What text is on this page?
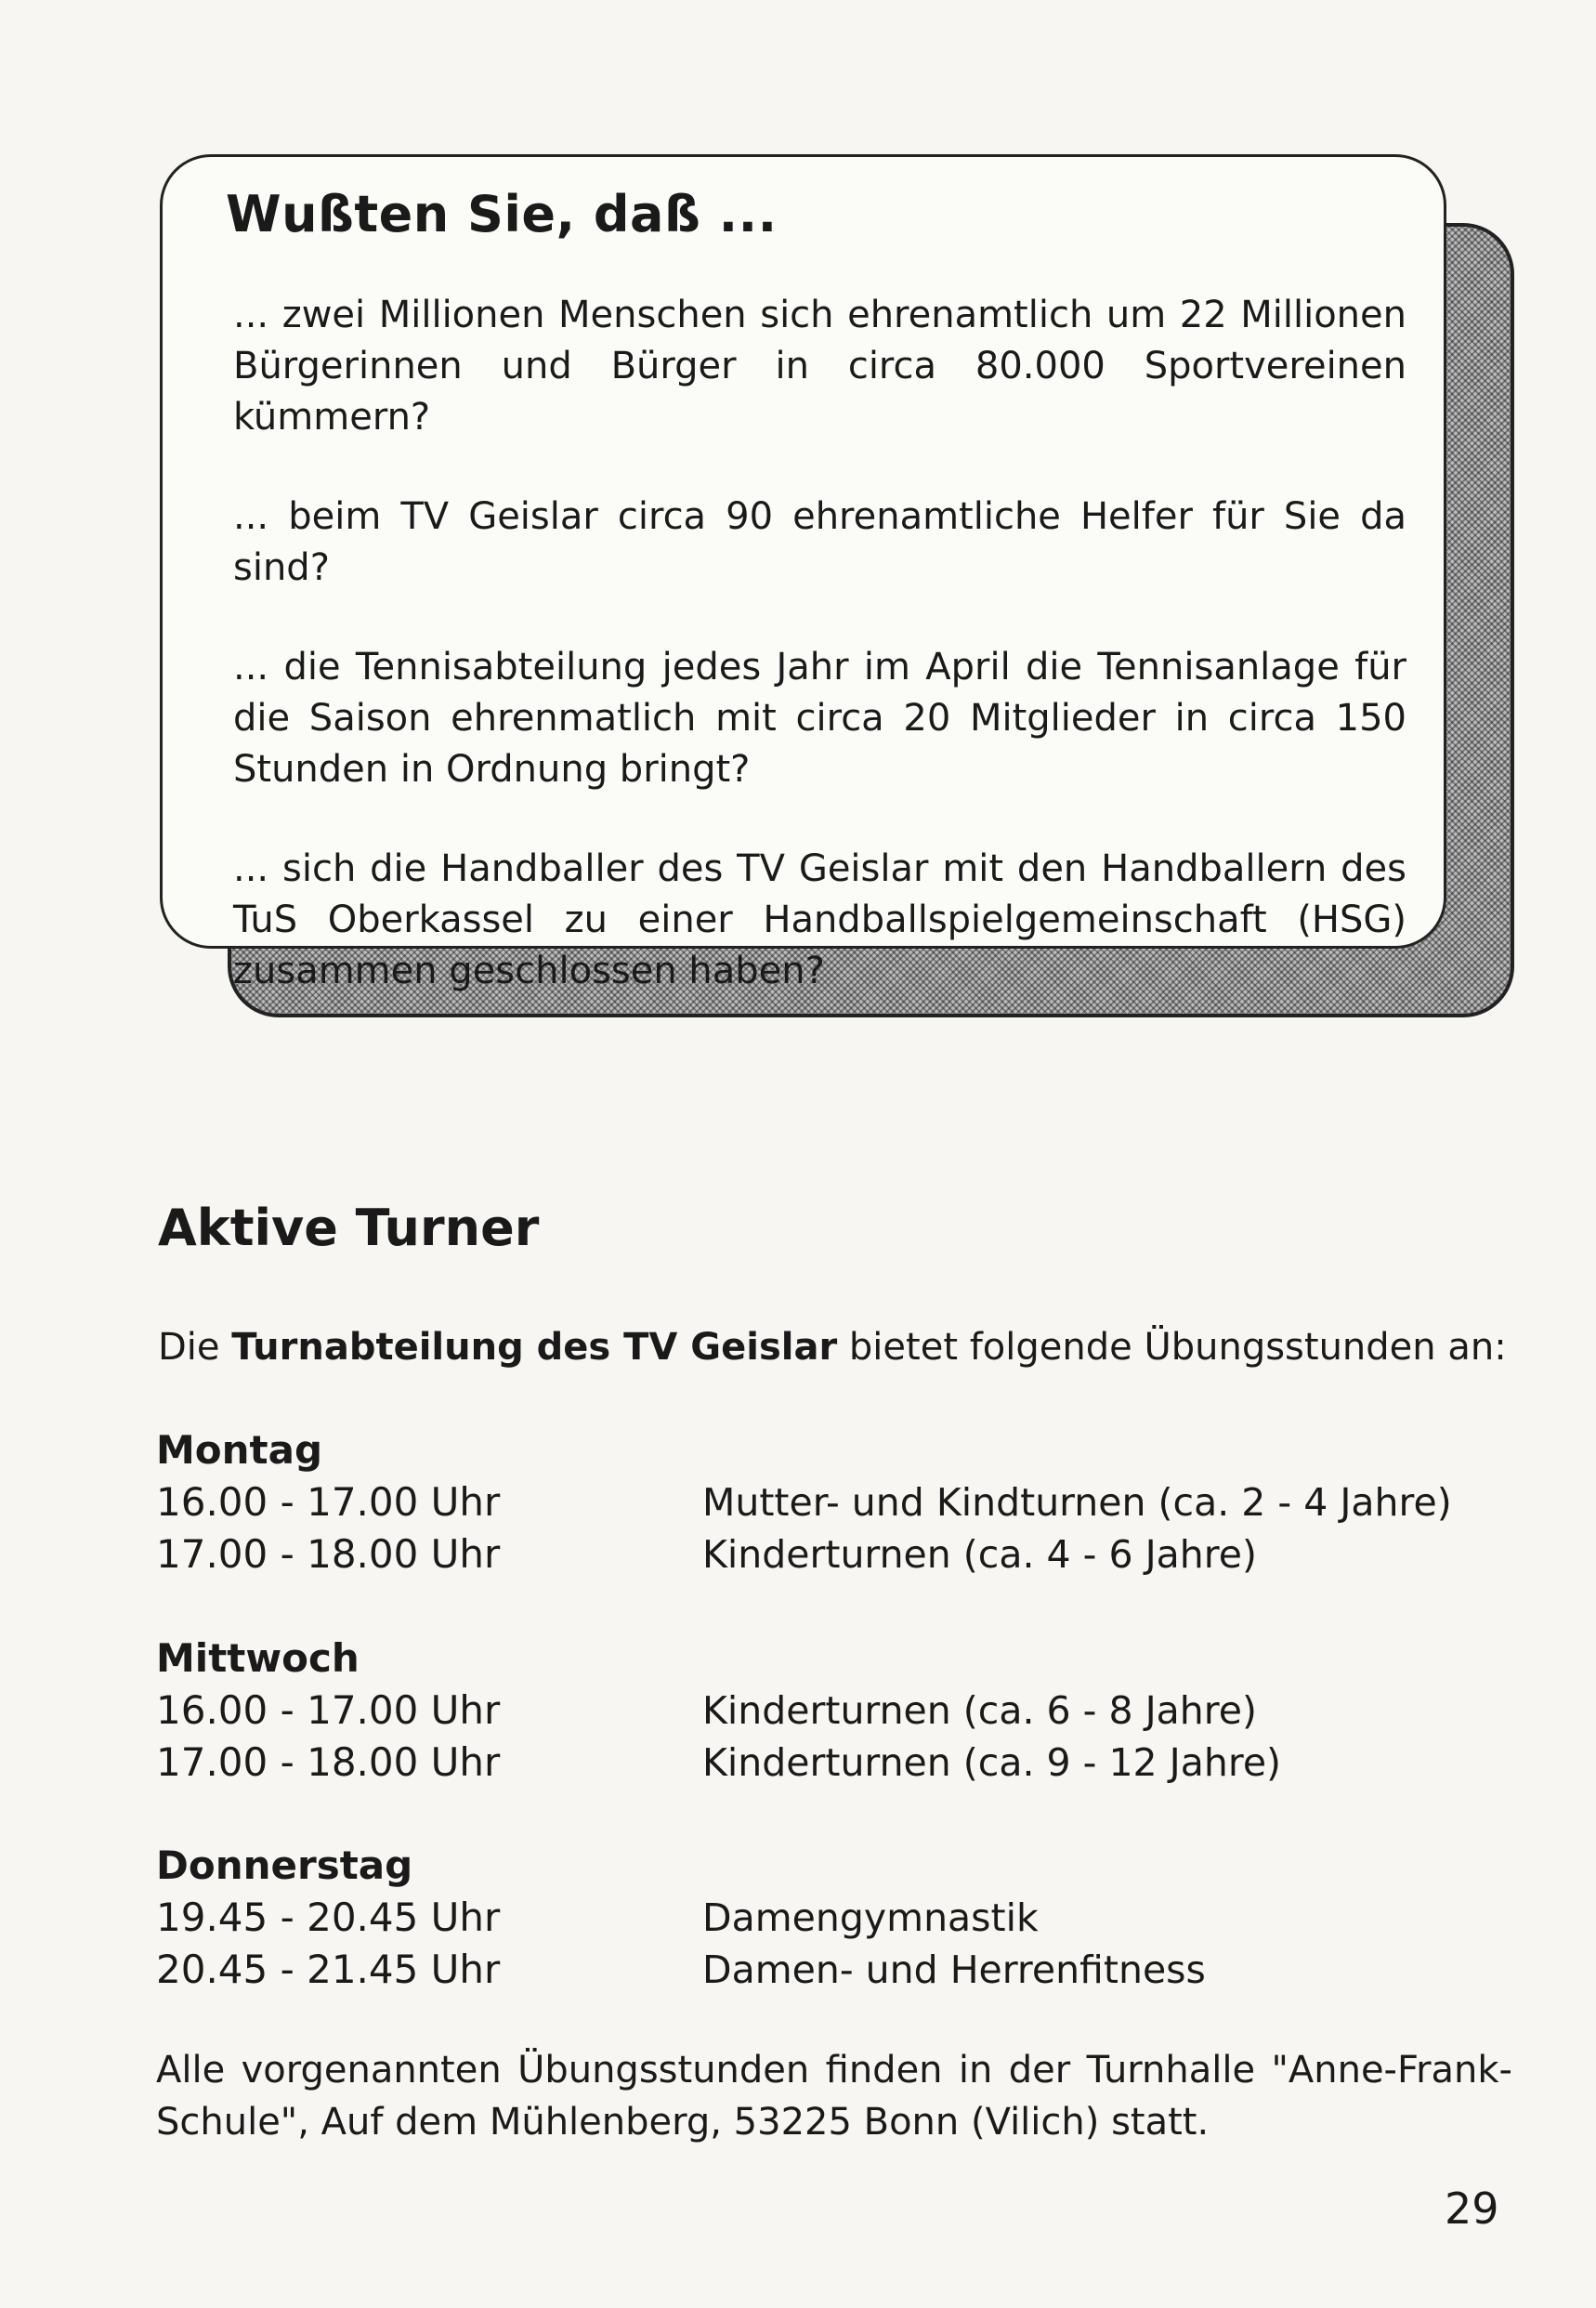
Wußten Sie, daß ...

... zwei Millionen Menschen sich ehrenamtlich um 22 Millionen Bürgerinnen und Bürger in circa 80.000 Sportvereinen kümmern?

... beim TV Geislar circa 90 ehrenamtliche Helfer für Sie da sind?

... die Tennisabteilung jedes Jahr im April die Tennisanlage für die Saison ehrenmatlich mit circa 20 Mitglieder in circa 150 Stunden in Ordnung bringt?

... sich die Handballer des TV Geislar mit den Handballern des TuS Oberkassel zu einer Handballspielgemeinschaft (HSG) zusammen geschlossen haben?

Aktive Turner
Die Turnabteilung des TV Geislar bietet folgende Übungsstunden an:
Montag
16.00 - 17.00 Uhr	Mutter- und Kindturnen (ca. 2 - 4 Jahre)
17.00 - 18.00 Uhr	Kinderturnen (ca. 4 - 6 Jahre)
Mittwoch
16.00 - 17.00 Uhr	Kinderturnen (ca. 6 - 8 Jahre)
17.00 - 18.00 Uhr	Kinderturnen (ca. 9 - 12 Jahre)
Donnerstag
19.45 - 20.45 Uhr	Damengymnastik
20.45 - 21.45 Uhr	Damen- und Herrenfitness
Alle vorgenannten Übungsstunden finden in der Turnhalle "Anne-Frank-Schule", Auf dem Mühlenberg, 53225 Bonn (Vilich) statt.
29
